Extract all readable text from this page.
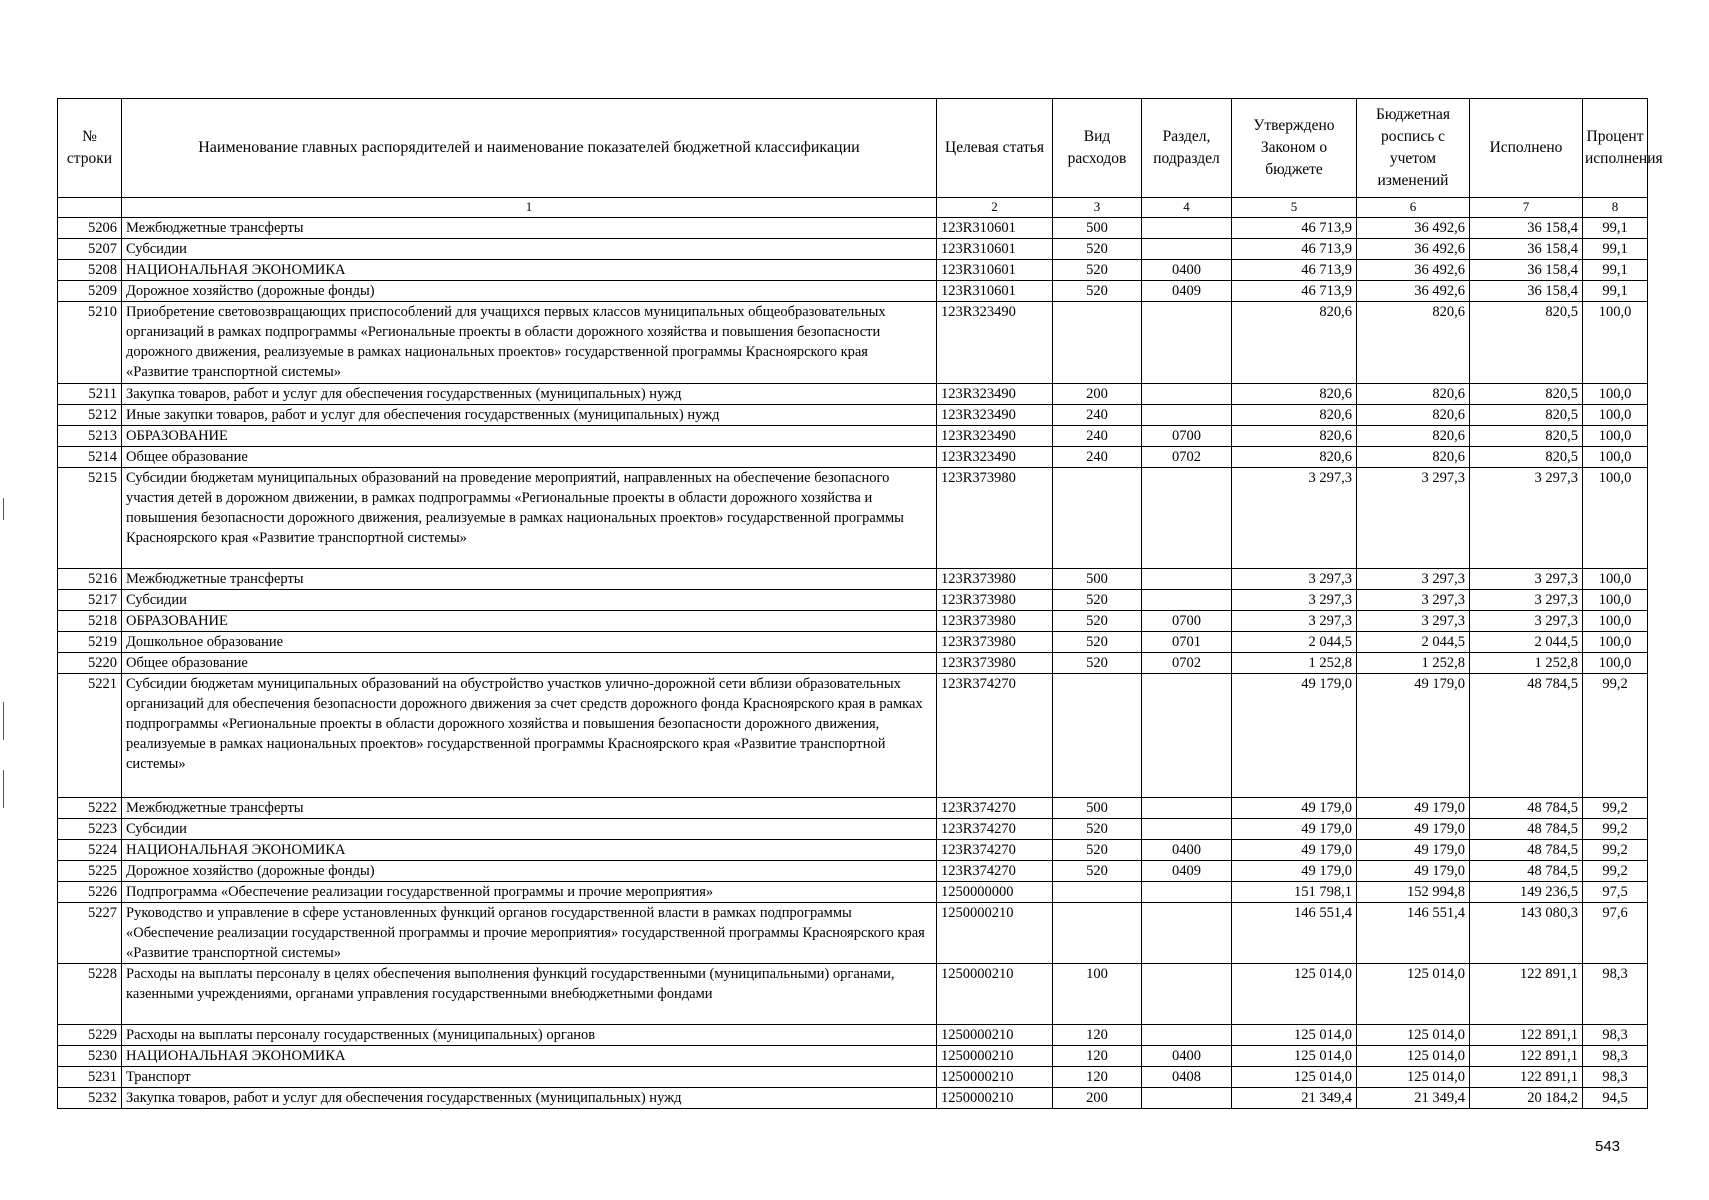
№ строки	Наименование главных распорядителей и наименование показателей бюджетной классификации	Целевая статья	Вид расходов	Раздел, подраздел	Утверждено Законом о бюджете	Бюджетная роспись с учетом изменений	Исполнено	Процент исполнения
	1	2	3	4	5	6	7	8
5206	Межбюджетные трансферты	123R310601	500		46 713,9	36 492,6	36 158,4	99,1
5207	Субсидии	123R310601	520		46 713,9	36 492,6	36 158,4	99,1
5208	НАЦИОНАЛЬНАЯ ЭКОНОМИКА	123R310601	520	0400	46 713,9	36 492,6	36 158,4	99,1
5209	Дорожное хозяйство (дорожные фонды)	123R310601	520	0409	46 713,9	36 492,6	36 158,4	99,1
5210	Приобретение световозвращающих приспособлений для учащихся первых классов муниципальных общеобразовательных организаций в рамках подпрограммы «Региональные проекты в области дорожного хозяйства и повышения безопасности дорожного движения, реализуемые в рамках национальных проектов» государственной программы Красноярского края «Развитие транспортной системы»	123R323490			820,6	820,6	820,5	100,0
5211	Закупка товаров, работ и услуг для обеспечения государственных (муниципальных) нужд	123R323490	200		820,6	820,6	820,5	100,0
5212	Иные закупки товаров, работ и услуг для обеспечения государственных (муниципальных) нужд	123R323490	240		820,6	820,6	820,5	100,0
5213	ОБРАЗОВАНИЕ	123R323490	240	0700	820,6	820,6	820,5	100,0
5214	Общее образование	123R323490	240	0702	820,6	820,6	820,5	100,0
5215	Субсидии бюджетам муниципальных образований на проведение мероприятий, направленных на обеспечение безопасного участия детей в дорожном движении, в рамках подпрограммы «Региональные проекты в области дорожного хозяйства и повышения безопасности дорожного движения, реализуемые в рамках национальных проектов» государственной программы Красноярского края «Развитие транспортной системы»	123R373980			3 297,3	3 297,3	3 297,3	100,0
5216	Межбюджетные трансферты	123R373980	500		3 297,3	3 297,3	3 297,3	100,0
5217	Субсидии	123R373980	520		3 297,3	3 297,3	3 297,3	100,0
5218	ОБРАЗОВАНИЕ	123R373980	520	0700	3 297,3	3 297,3	3 297,3	100,0
5219	Дошкольное образование	123R373980	520	0701	2 044,5	2 044,5	2 044,5	100,0
5220	Общее образование	123R373980	520	0702	1 252,8	1 252,8	1 252,8	100,0
5221	Субсидии бюджетам муниципальных образований на обустройство участков улично-дорожной сети вблизи образовательных организаций для обеспечения безопасности дорожного движения за счет средств дорожного фонда Красноярского края в рамках подпрограммы «Региональные проекты в области дорожного хозяйства и повышения безопасности дорожного движения, реализуемые в рамках национальных проектов» государственной программы Красноярского края «Развитие транспортной системы»	123R374270			49 179,0	49 179,0	48 784,5	99,2
5222	Межбюджетные трансферты	123R374270	500		49 179,0	49 179,0	48 784,5	99,2
5223	Субсидии	123R374270	520		49 179,0	49 179,0	48 784,5	99,2
5224	НАЦИОНАЛЬНАЯ ЭКОНОМИКА	123R374270	520	0400	49 179,0	49 179,0	48 784,5	99,2
5225	Дорожное хозяйство (дорожные фонды)	123R374270	520	0409	49 179,0	49 179,0	48 784,5	99,2
5226	Подпрограмма «Обеспечение реализации государственной программы и прочие мероприятия»	1250000000			151 798,1	152 994,8	149 236,5	97,5
5227	Руководство и управление в сфере установленных функций органов государственной власти в рамках подпрограммы «Обеспечение реализации государственной программы и прочие мероприятия» государственной программы Красноярского края «Развитие транспортной системы»	1250000210			146 551,4	146 551,4	143 080,3	97,6
5228	Расходы на выплаты персоналу в целях обеспечения выполнения функций государственными (муниципальными) органами, казенными учреждениями, органами управления государственными внебюджетными фондами	1250000210	100		125 014,0	125 014,0	122 891,1	98,3
5229	Расходы на выплаты персоналу государственных (муниципальных) органов	1250000210	120		125 014,0	125 014,0	122 891,1	98,3
5230	НАЦИОНАЛЬНАЯ ЭКОНОМИКА	1250000210	120	0400	125 014,0	125 014,0	122 891,1	98,3
5231	Транспорт	1250000210	120	0408	125 014,0	125 014,0	122 891,1	98,3
5232	Закупка товаров, работ и услуг для обеспечения государственных (муниципальных) нужд	1250000210	200		21 349,4	21 349,4	20 184,2	94,5
543
